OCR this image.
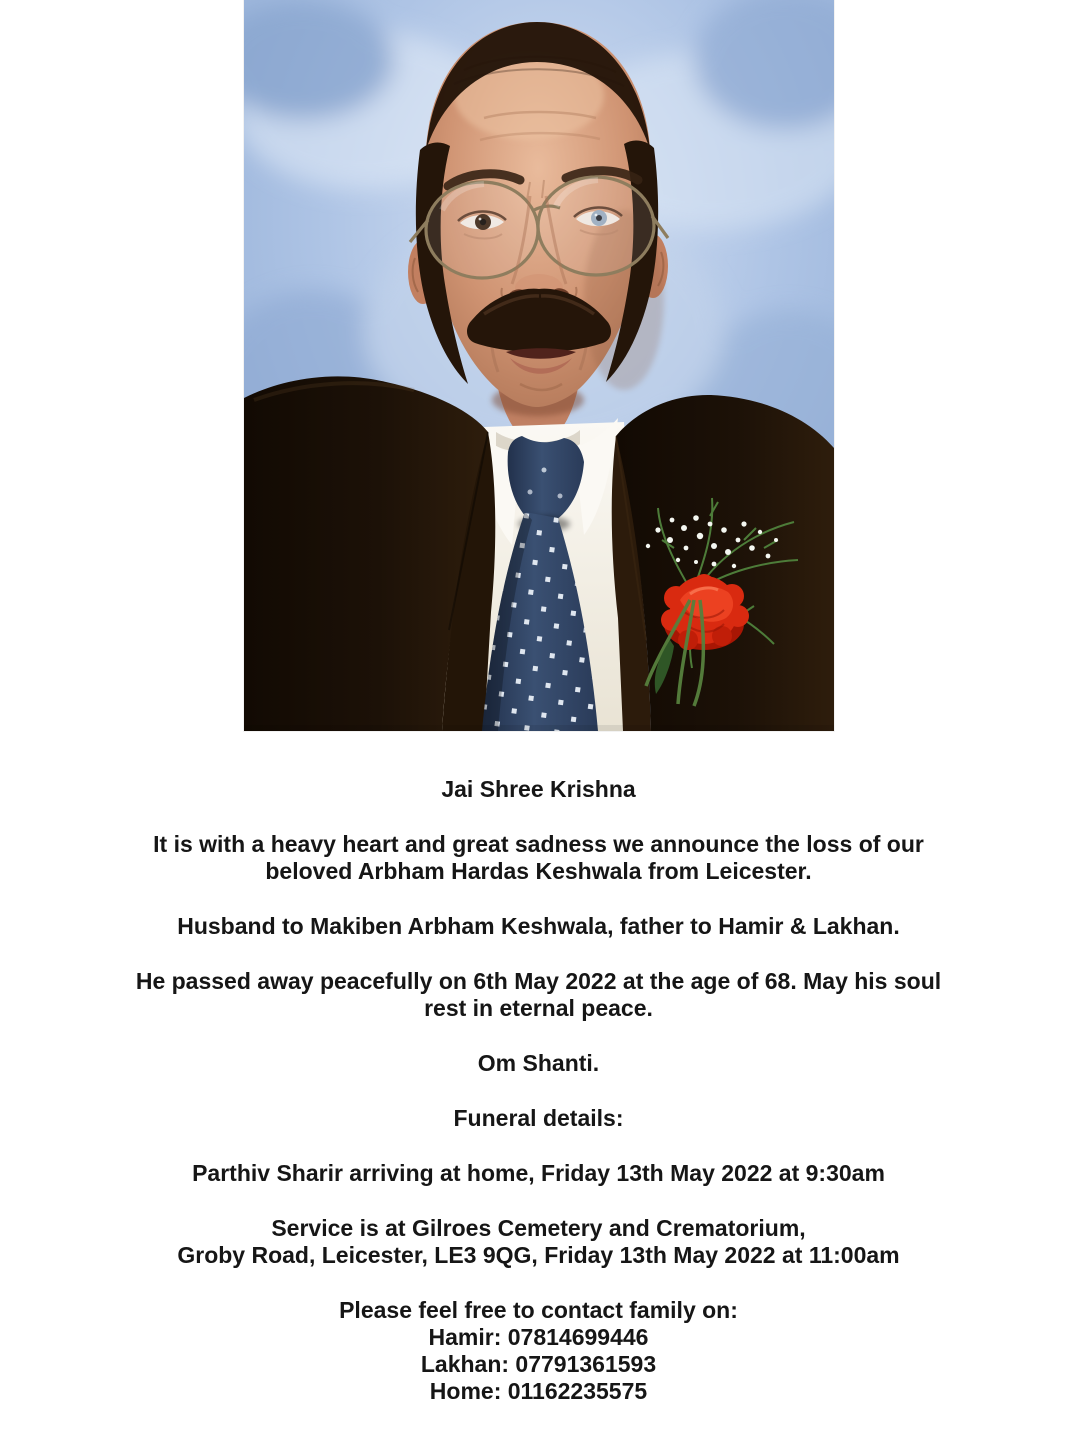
Jai Shree Krishna
It is with a heavy heart and great sadness we announce the loss of our
beloved Arbham Hardas Keshwala from Leicester.
Husband to Makiben Arbham Keshwala, father to Hamir & Lakhan.
He passed away peacefully on 6th May 2022 at the age of 68. May his soul
rest in eternal peace.
Om Shanti.
Funeral details:
Parthiv Sharir arriving at home, Friday 13th May 2022 at 9:30am
Service is at Gilroes Cemetery and Crematorium,
Groby Road, Leicester, LE3 9QG, Friday 13th May 2022 at 11:00am
Please feel free to contact family on:
Hamir: 07814699446
Lakhan: 07791361593
Home: 01162235575
